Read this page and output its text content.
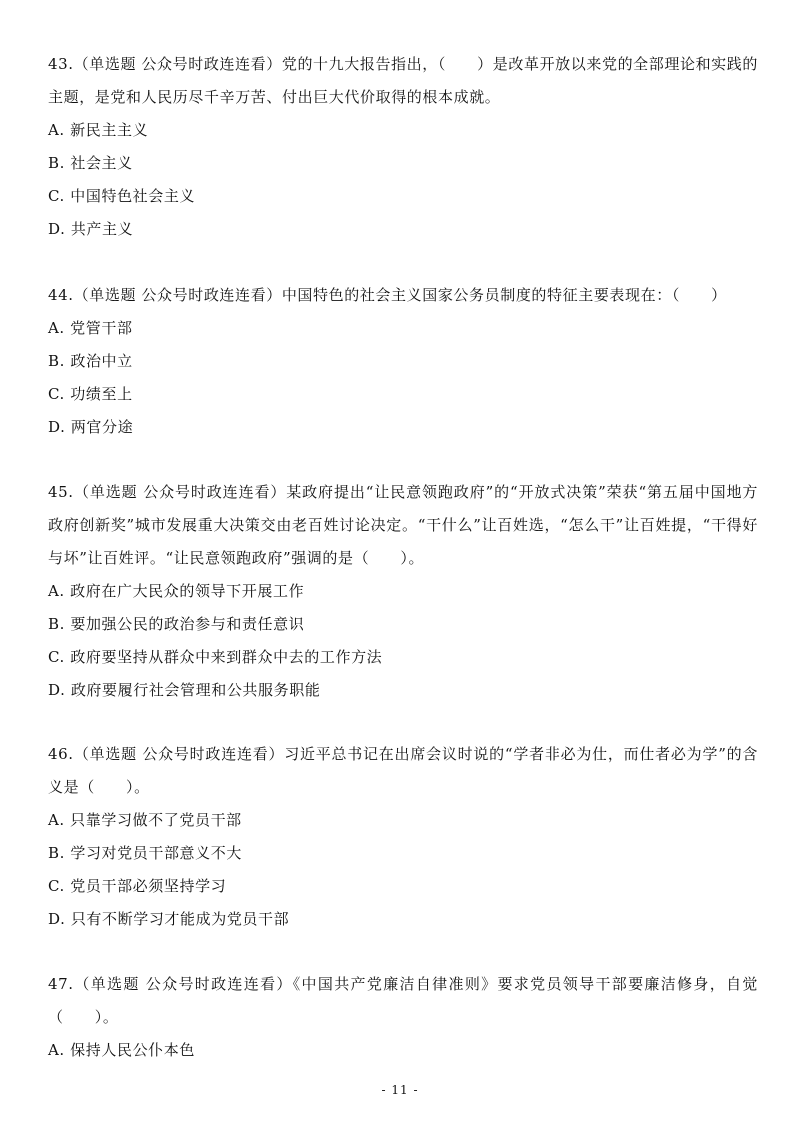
43.（单选题 公众号时政连连看）党的十九大报告指出，（　　）是改革开放以来党的全部理论和实践的主题，是党和人民历尽千辛万苦、付出巨大代价取得的根本成就。

A. 新民主主义
B. 社会主义
C. 中国特色社会主义
D. 共产主义

44.（单选题 公众号时政连连看）中国特色的社会主义国家公务员制度的特征主要表现在：（　　）

A. 党管干部
B. 政治中立
C. 功绩至上
D. 两官分途

45.（单选题 公众号时政连连看）某政府提出“让民意领跑政府”的“开放式决策”荣获“第五届中国地方政府创新奖”城市发展重大决策交由老百姓讨论决定。“干什么”让百姓选，“怎么干”让百姓提，“干得好与坏”让百姓评。“让民意领跑政府”强调的是（　　）。

A. 政府在广大民众的领导下开展工作
B. 要加强公民的政治参与和责任意识
C. 政府要坚持从群众中来到群众中去的工作方法
D. 政府要履行社会管理和公共服务职能

46.（单选题 公众号时政连连看）习近平总书记在出席会议时说的“学者非必为仕，而仕者必为学”的含义是（　　）。

A. 只靠学习做不了党员干部
B. 学习对党员干部意义不大
C. 党员干部必须坚持学习
D. 只有不断学习才能成为党员干部

47.（单选题 公众号时政连连看）《中国共产党廉洁自律准则》要求党员领导干部要廉洁修身，自觉（　　）。

A. 保持人民公仆本色
- 11 -
